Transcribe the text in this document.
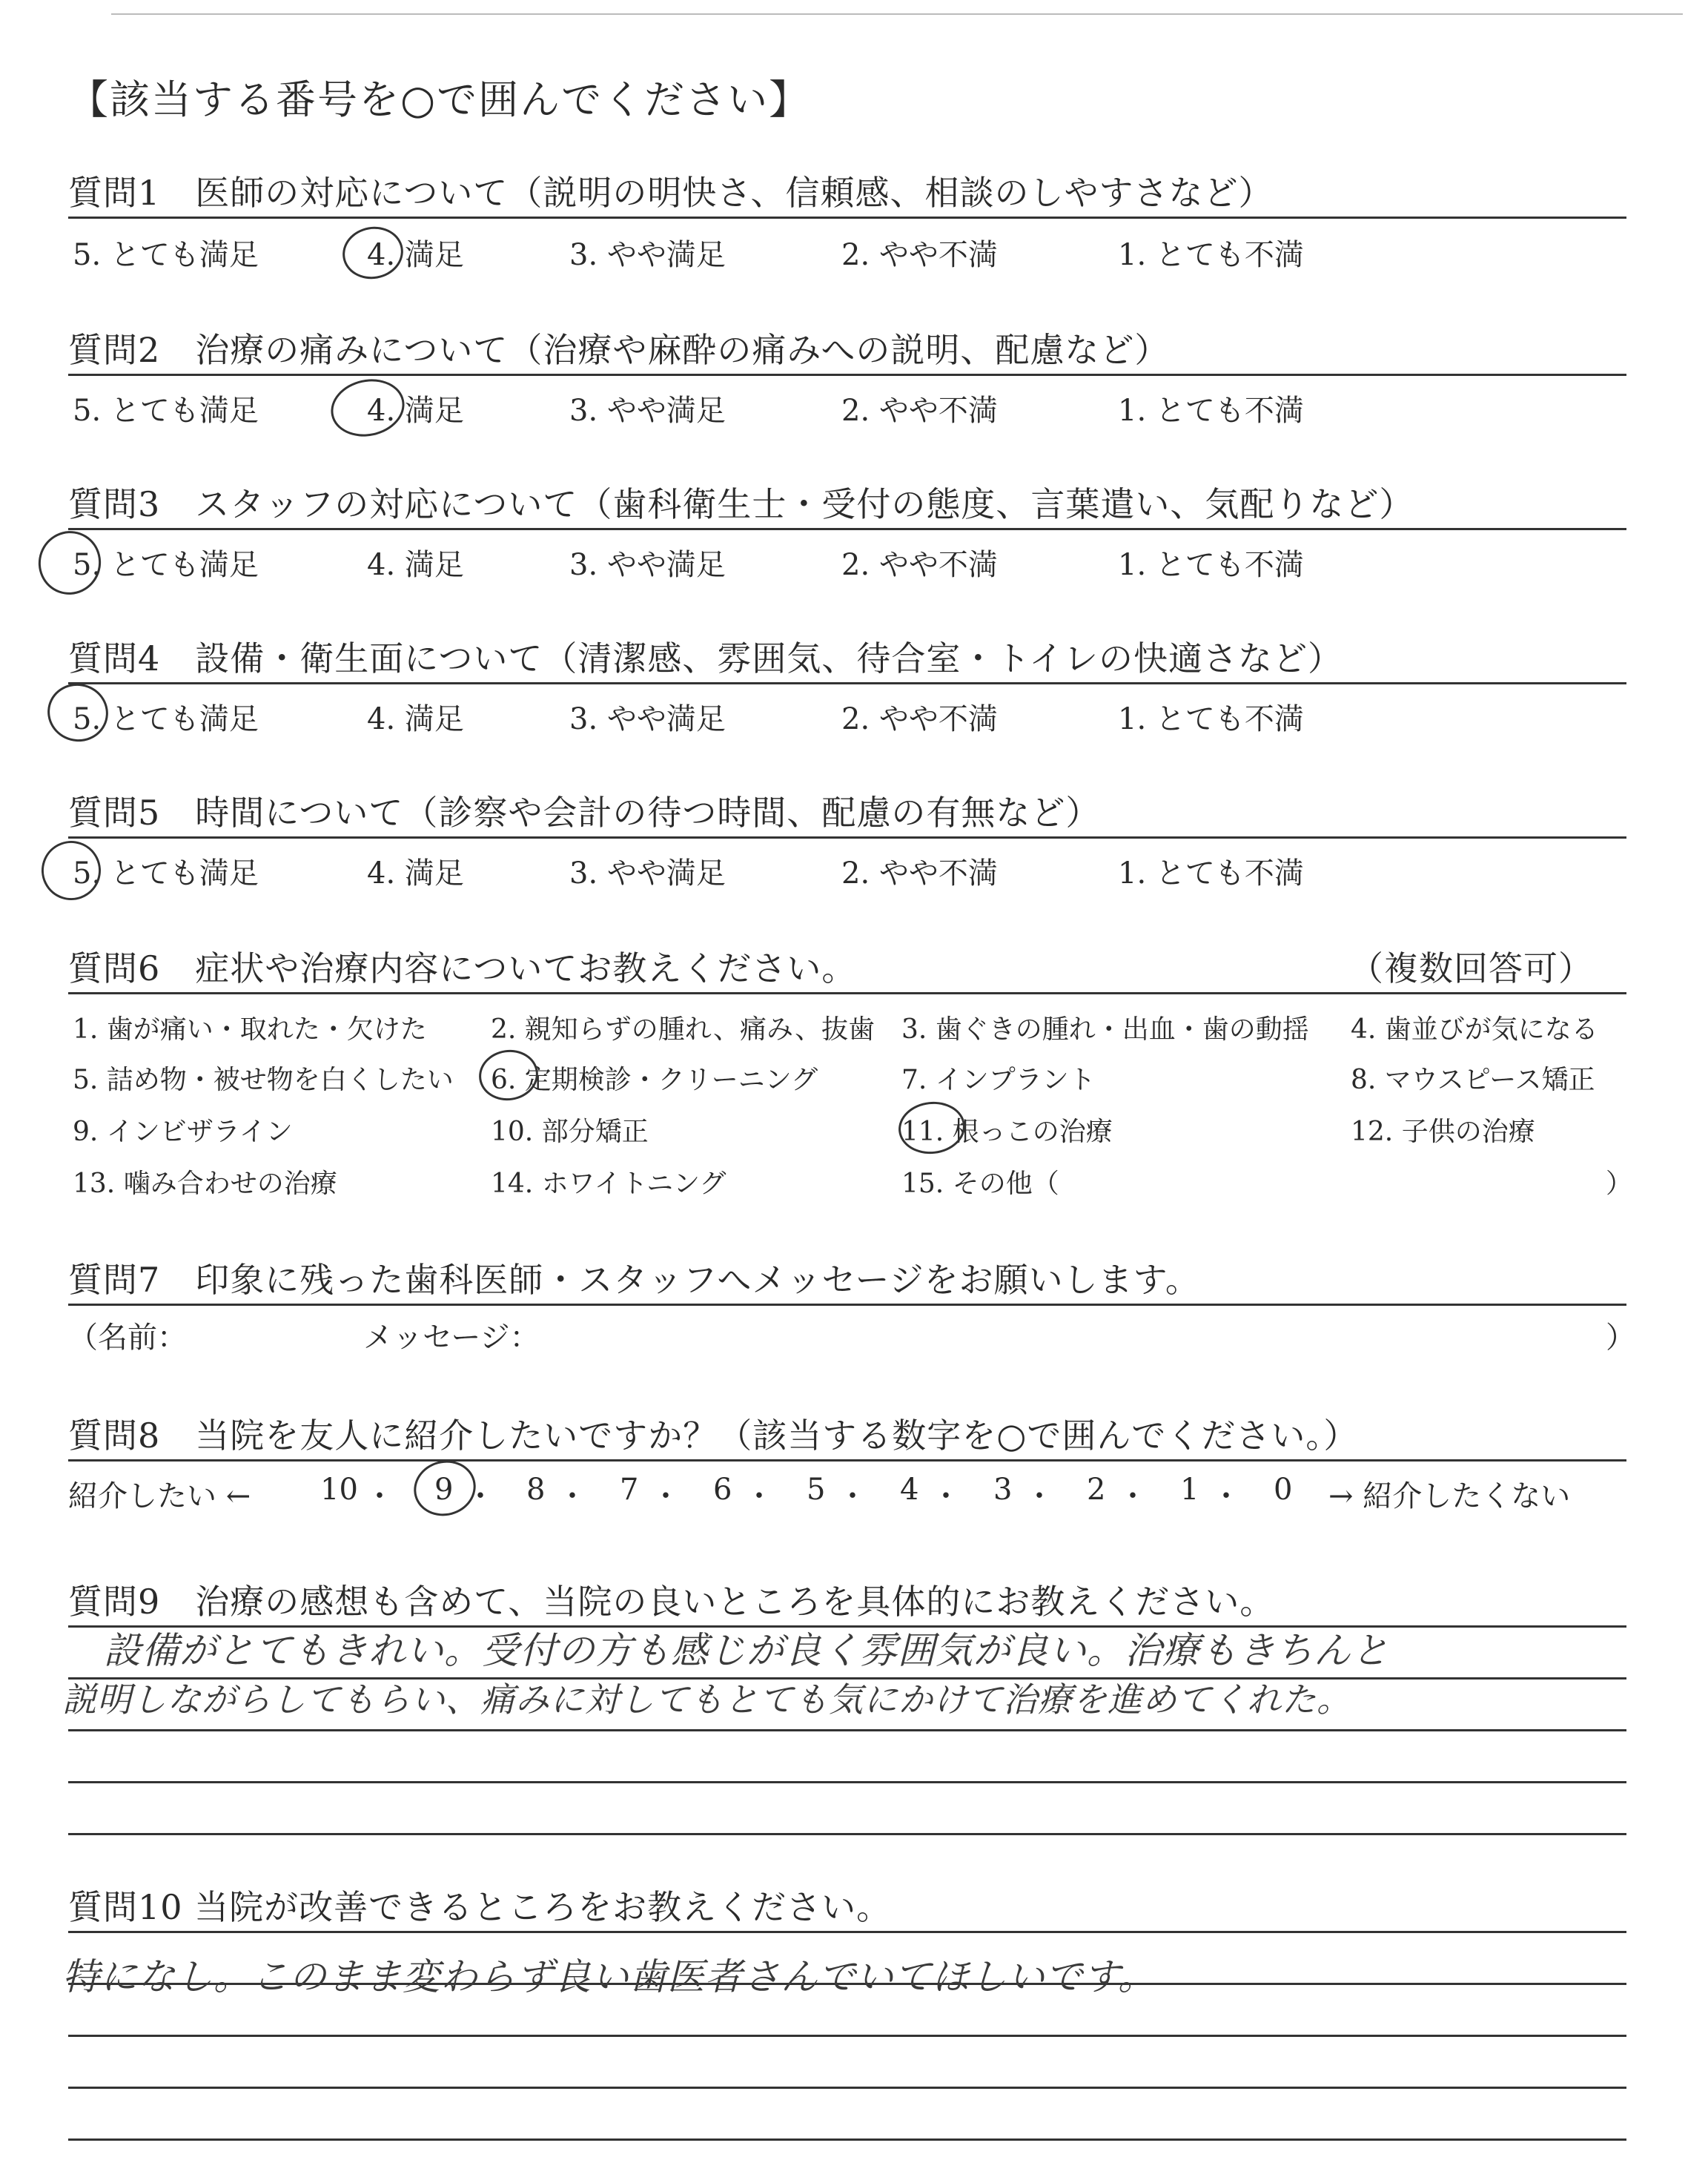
【該当する番号を○で囲んでください】
質問1　医師の対応について（説明の明快さ、信頼感、相談のしやすさなど）
5. とても満足	4. 満足	3. やや満足	2. やや不満	1. とても不満
質問2　治療の痛みについて（治療や麻酔の痛みへの説明、配慮など）
5. とても満足	4. 満足	3. やや満足	2. やや不満	1. とても不満
質問3　スタッフの対応について（歯科衛生士・受付の態度、言葉遣い、気配りなど）
5. とても満足	4. 満足	3. やや満足	2. やや不満	1. とても不満
質問4　設備・衛生面について（清潔感、雰囲気、待合室・トイレの快適さなど）
5. とても満足	4. 満足	3. やや満足	2. やや不満	1. とても不満
質問5　時間について（診察や会計の待つ時間、配慮の有無など）
5. とても満足	4. 満足	3. やや満足	2. やや不満	1. とても不満
質問6　症状や治療内容についてお教えください。	（複数回答可）
1. 歯が痛い・取れた・欠けた 2. 親知らずの腫れ、痛み、抜歯 3. 歯ぐきの腫れ・出血・歯の動揺 4. 歯並びが気になる
5. 詰め物・被せ物を白くしたい 6. 定期検診・クリーニング	7. インプラント	8. マウスピース矯正
9. インビザライン	10. 部分矯正	11. 根っこの治療	12. 子供の治療
13. 噛み合わせの治療	14. ホワイトニング	15. その他（	）
質問7　印象に残った歯科医師・スタッフへメッセージをお願いします。
（名前：	メッセージ：	）
質問8　当院を友人に紹介したいですか？（該当する数字を○で囲んでください。）
紹介したい ← 10 ・ 9 ・ 8 ・ 7 ・ 6 ・ 5 ・ 4 ・ 3 ・ 2 ・ 1 ・ 0 → 紹介したくない
質問9　治療の感想も含めて、当院の良いところを具体的にお教えください。
設備がとてもきれい。受付の方も感じが良く雰囲気が良い。治療もきちんと
説明しながらしてもらい、痛みに対してもとても気にかけて治療を進めてくれた。
質問10 当院が改善できるところをお教えください。
特になし。このまま変わらず良い歯医者さんでいてほしいです。
